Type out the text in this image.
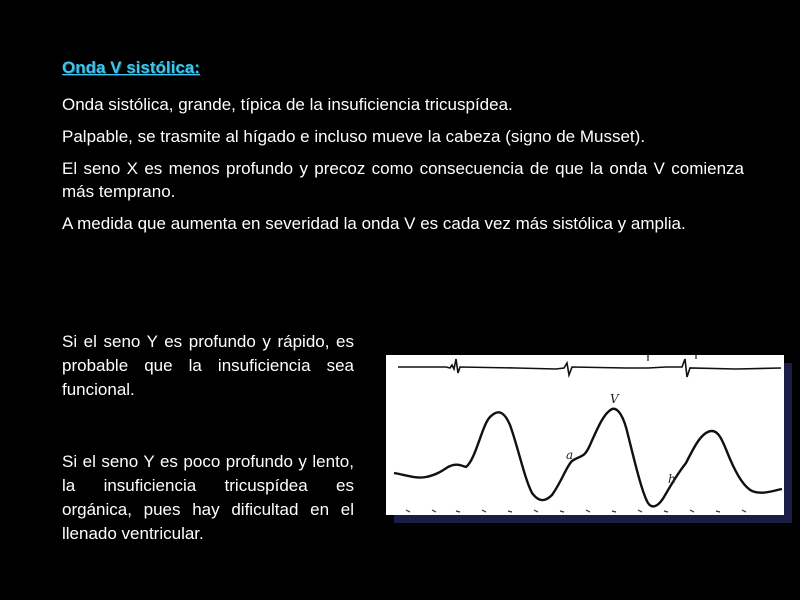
Onda V sistólica:

Onda sistólica, grande, típica de la insuficiencia tricuspídea.

Palpable, se trasmite al hígado e incluso mueve la cabeza (signo de Musset).

El seno X es menos profundo y precoz como consecuencia de que la onda V comienza más temprano.

A medida que aumenta en severidad la onda V es cada vez más sistólica y amplia.

Si el seno Y es profundo y rápido, es probable que la insuficiencia sea funcional.

Si el seno Y es poco profundo y lento, la insuficiencia tricuspídea es orgánica, pues hay dificultad en el llenado ventricular.

V
a
h
